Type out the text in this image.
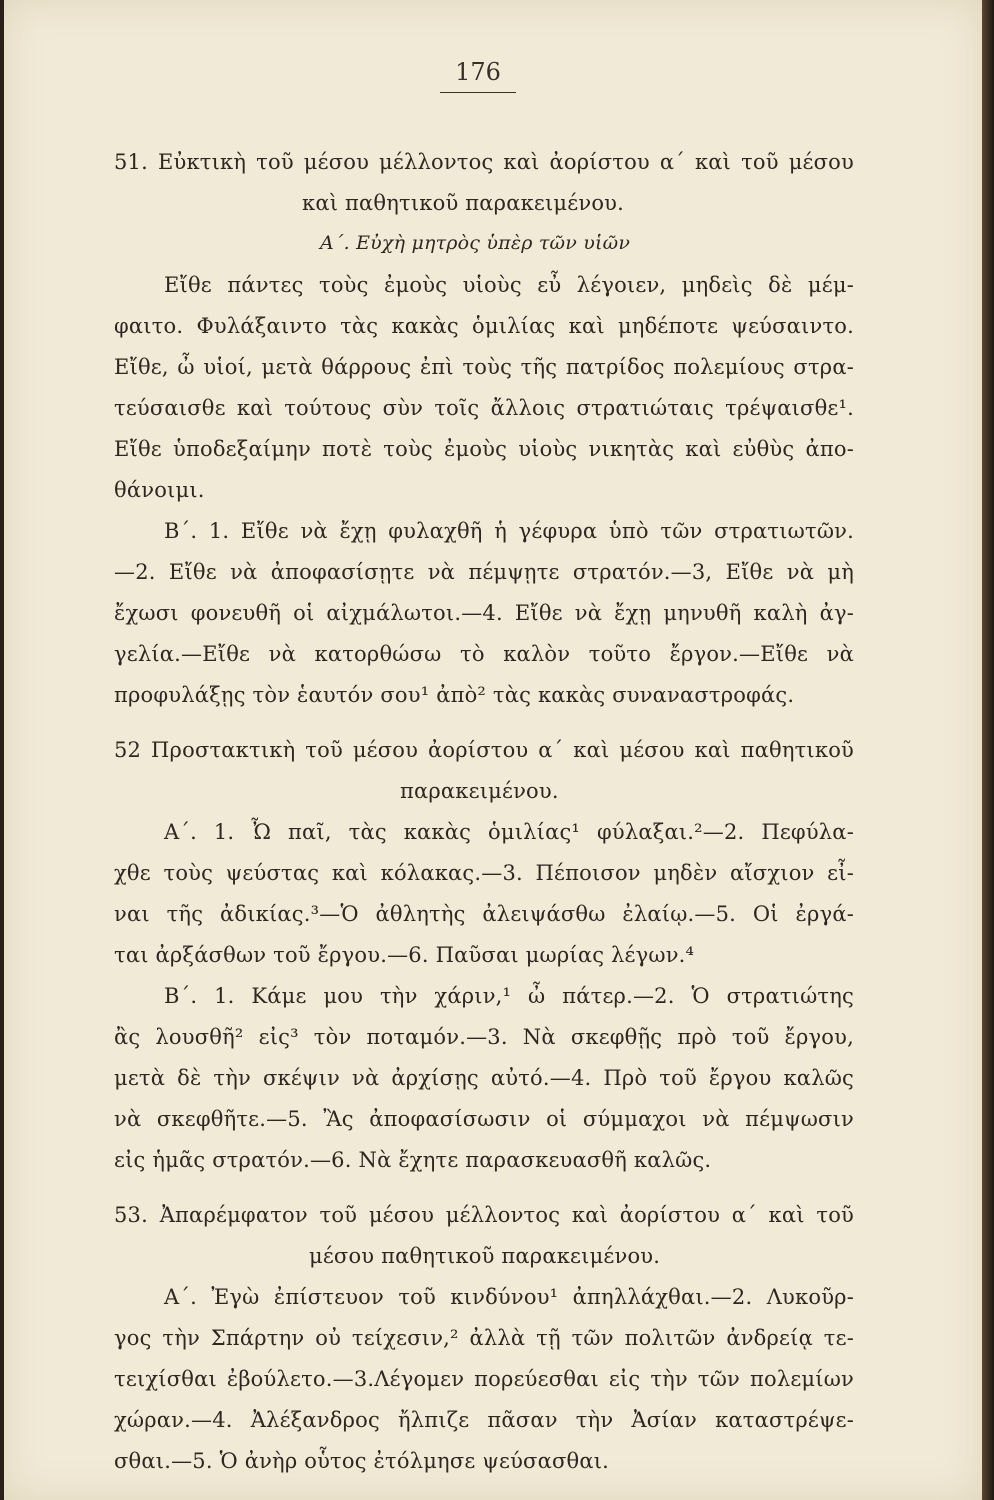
176
51. Εὐκτικὴ τοῦ μέσου μέλλοντος καὶ ἀορίστου α΄ καὶ τοῦ μέσου
καὶ παθητικοῦ παρακειμένου.
Α΄. Εὐχὴ μητρὸς ὑπὲρ τῶν υἱῶν
Εἴθε πάντες τοὺς ἐμοὺς υἱοὺς εὖ λέγοιεν, μηδεὶς δὲ μέμ-
φαιτο. Φυλάξαιντο τὰς κακὰς ὁμιλίας καὶ μηδέποτε ψεύσαιντο.
Εἴθε, ὦ υἱοί, μετὰ θάρρους ἐπὶ τοὺς τῆς πατρίδος πολεμίους στρα-
τεύσαισθε καὶ τούτους σὺν τοῖς ἄλλοις στρατιώταις τρέψαισθε¹.
Εἴθε ὑποδεξαίμην ποτὲ τοὺς ἐμοὺς υἱοὺς νικητὰς καὶ εὐθὺς ἀπο-
θάνοιμι.
Β΄. 1. Εἴθε νὰ ἔχῃ φυλαχθῆ ἡ γέφυρα ὑπὸ τῶν στρατιωτῶν.
—2. Εἴθε νὰ ἀποφασίσῃτε νὰ πέμψῃτε στρατόν.—3, Εἴθε νὰ μὴ
ἔχωσι φονευθῆ οἱ αἰχμάλωτοι.—4. Εἴθε νὰ ἔχῃ μηνυθῆ καλὴ ἀγ-
γελία.—Εἴθε νὰ κατορθώσω τὸ καλὸν τοῦτο ἔργον.—Εἴθε νὰ
προφυλάξῃς τὸν ἑαυτόν σου¹ ἀπὸ² τὰς κακὰς συναναστροφάς.
52 Προστακτικὴ τοῦ μέσου ἀορίστου α΄ καὶ μέσου καὶ παθητικοῦ
παρακειμένου.
Α΄. 1. Ὦ παῖ, τὰς κακὰς ὁμιλίας¹ φύλαξαι.²—2. Πεφύλα-
χθε τοὺς ψεύστας καὶ κόλακας.—3. Πέποισον μηδὲν αἴσχιον εἶ-
ναι τῆς ἀδικίας.³—Ὁ ἀθλητὴς ἀλειψάσθω ἐλαίῳ.—5. Οἱ ἐργά-
ται ἀρξάσθων τοῦ ἔργου.—6. Παῦσαι μωρίας λέγων.⁴
Β΄. 1. Κάμε μου τὴν χάριν,¹ ὦ πάτερ.—2. Ὁ στρατιώτης
ἂς λουσθῆ² εἰς³ τὸν ποταμόν.—3. Νὰ σκεφθῇς πρὸ τοῦ ἔργου,
μετὰ δὲ τὴν σκέψιν νὰ ἀρχίσῃς αὐτό.—4. Πρὸ τοῦ ἔργου καλῶς
νὰ σκεφθῆτε.—5. Ἂς ἀποφασίσωσιν οἱ σύμμαχοι νὰ πέμψωσιν
εἰς ἡμᾶς στρατόν.—6. Νὰ ἔχητε παρασκευασθῆ καλῶς.
53. Ἀπαρέμφατον τοῦ μέσου μέλλοντος καὶ ἀορίστου α΄ καὶ τοῦ
μέσου παθητικοῦ παρακειμένου.
Α΄. Ἐγὼ ἐπίστευον τοῦ κινδύνου¹ ἀπηλλάχθαι.—2. Λυκοῦρ-
γος τὴν Σπάρτην οὐ τείχεσιν,² ἀλλὰ τῇ τῶν πολιτῶν ἀνδρείᾳ τε-
τειχίσθαι ἐβούλετο.—3.Λέγομεν πορεύεσθαι εἰς τὴν τῶν πολεμίων
χώραν.—4. Ἀλέξανδρος ἤλπιζε πᾶσαν τὴν Ἀσίαν καταστρέψε-
σθαι.—5. Ὁ ἀνὴρ οὗτος ἐτόλμησε ψεύσασθαι.
